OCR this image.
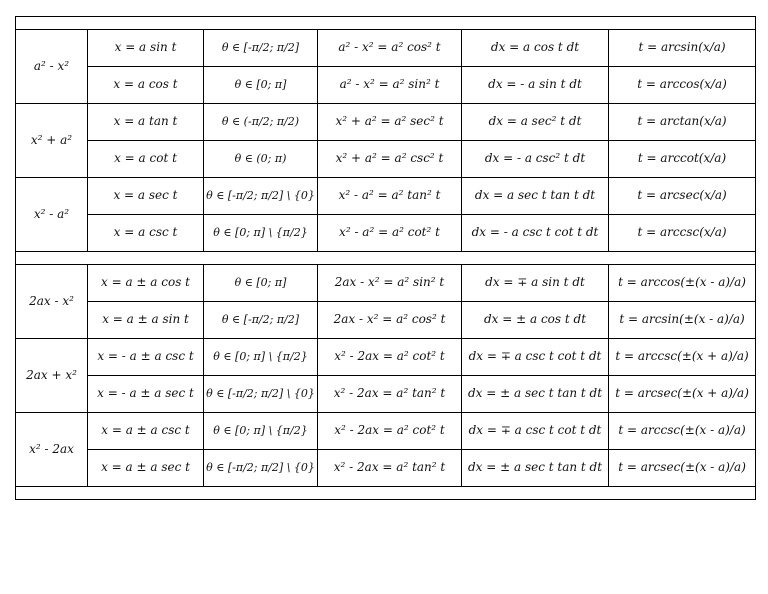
a² - x²	x = a sin t	θ ∈ [-π/2; π/2]	a² - x² = a² cos² t	dx = a cos t dt	t = arcsin(x/a)
	x = a cos t	θ ∈ [0; π]	a² - x² = a² sin² t	dx = - a sin t dt	t = arccos(x/a)
x² + a²	x = a tan t	θ ∈ (-π/2; π/2)	x² + a² = a² sec² t	dx = a sec² t dt	t = arctan(x/a)
	x = a cot t	θ ∈ (0; π)	x² + a² = a² csc² t	dx = - a csc² t dt	t = arccot(x/a)
x² - a²	x = a sec t	θ ∈ [-π/2; π/2] \ {0}	x² - a² = a² tan² t	dx = a sec t tan t dt	t = arcsec(x/a)
	x = a csc t	θ ∈ [0; π] \ {π/2}	x² - a² = a² cot² t	dx = - a csc t cot t dt	t = arccsc(x/a)

2ax - x²	x = a ± a cos t	θ ∈ [0; π]	2ax - x² = a² sin² t	dx = ∓ a sin t dt	t = arccos(±(x - a)/a)
	x = a ± a sin t	θ ∈ [-π/2; π/2]	2ax - x² = a² cos² t	dx = ± a cos t dt	t = arcsin(±(x - a)/a)
2ax + x²	x = - a ± a csc t	θ ∈ [0; π] \ {π/2}	x² - 2ax = a² cot² t	dx = ∓ a csc t cot t dt	t = arccsc(±(x + a)/a)
	x = - a ± a sec t	θ ∈ [-π/2; π/2] \ {0}	x² - 2ax = a² tan² t	dx = ± a sec t tan t dt	t = arcsec(±(x + a)/a)
x² - 2ax	x = a ± a csc t	θ ∈ [0; π] \ {π/2}	x² - 2ax = a² cot² t	dx = ∓ a csc t cot t dt	t = arccsc(±(x - a)/a)
	x = a ± a sec t	θ ∈ [-π/2; π/2] \ {0}	x² - 2ax = a² tan² t	dx = ± a sec t tan t dt	t = arcsec(±(x - a)/a)
